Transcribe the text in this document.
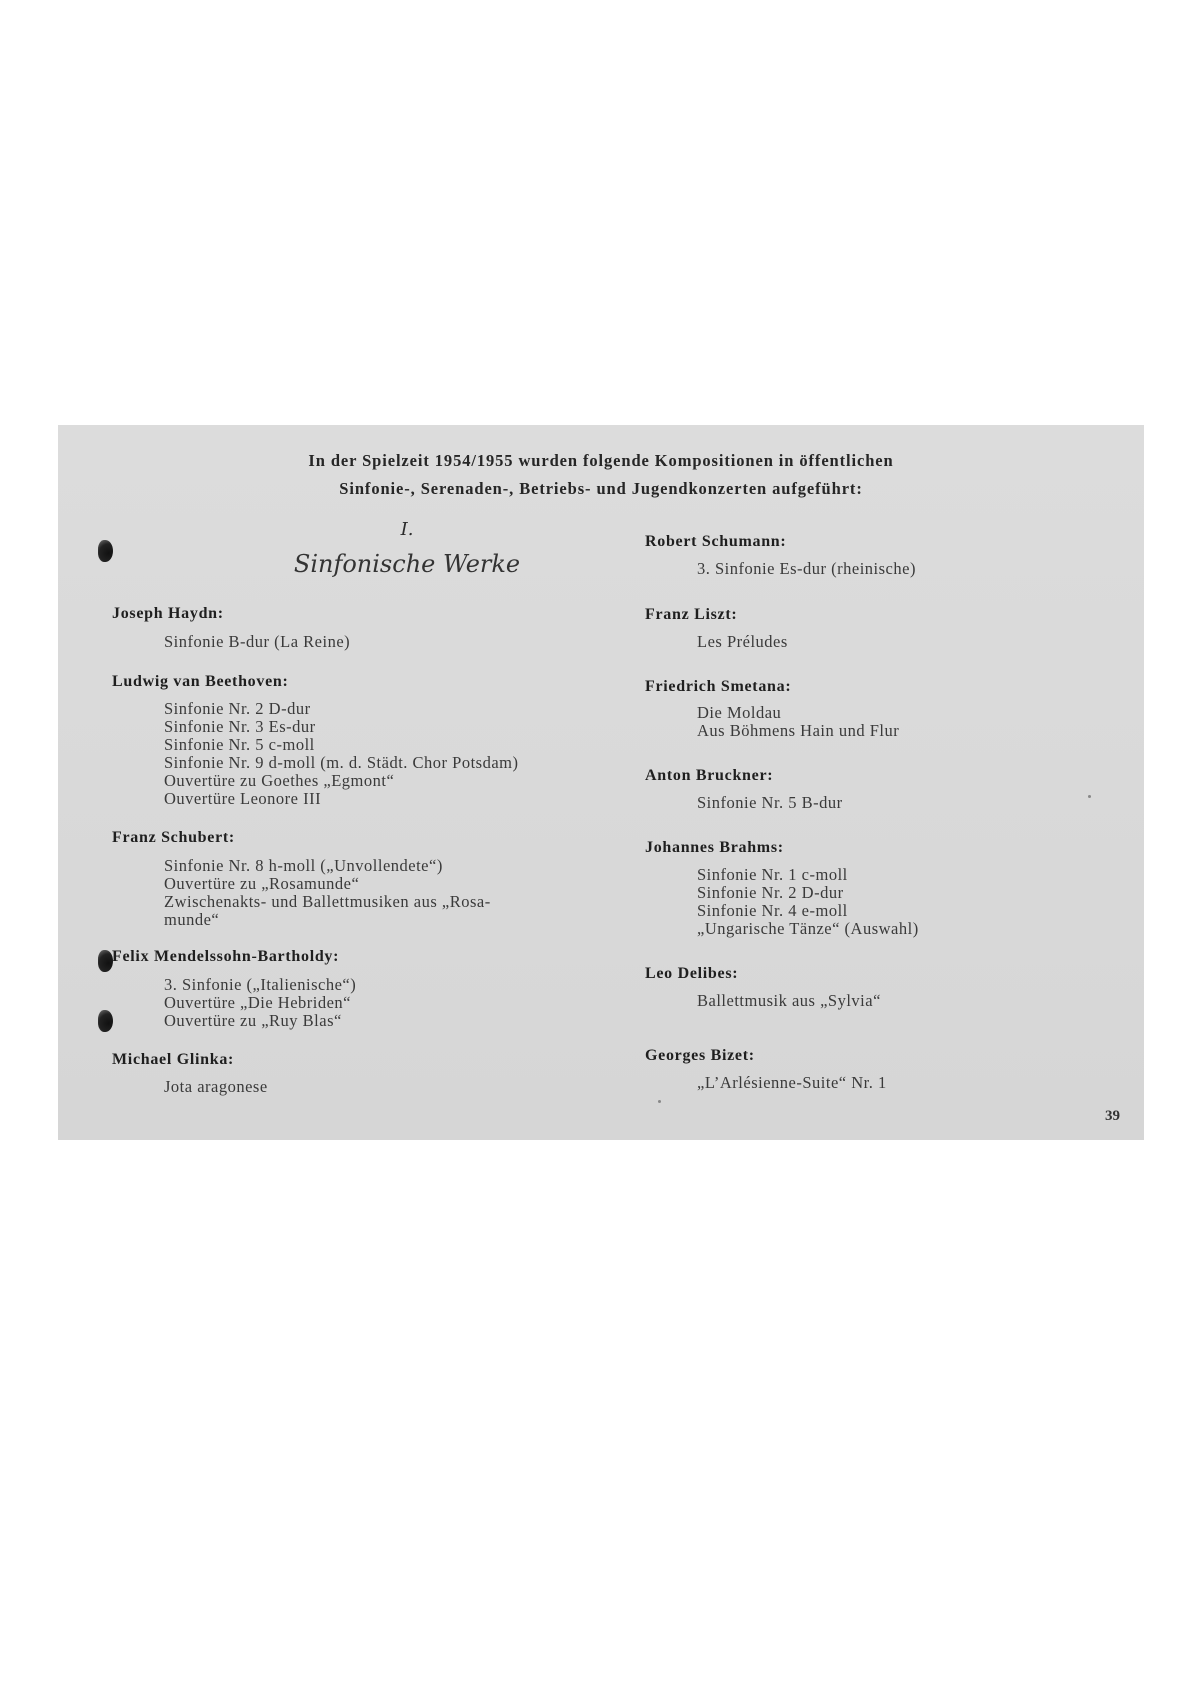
In der Spielzeit 1954/1955 wurden folgende Kompositionen in öffentlichen
Sinfonie-, Serenaden-, Betriebs- und Jugendkonzerten aufgeführt:
I.
Sinfonische Werke
Joseph Haydn:
Sinfonie B-dur (La Reine)
Ludwig van Beethoven:
Sinfonie Nr. 2 D-dur
Sinfonie Nr. 3 Es-dur
Sinfonie Nr. 5 c-moll
Sinfonie Nr. 9 d-moll (m. d. Städt. Chor Potsdam)
Ouvertüre zu Goethes „Egmont“
Ouvertüre Leonore III
Franz Schubert:
Sinfonie Nr. 8 h-moll („Unvollendete“)
Ouvertüre zu „Rosamunde“
Zwischenakts- und Ballettmusiken aus „Rosa-
munde“
Felix Mendelssohn-Bartholdy:
3. Sinfonie („Italienische“)
Ouvertüre „Die Hebriden“
Ouvertüre zu „Ruy Blas“
Michael Glinka:
Jota aragonese
Robert Schumann:
3. Sinfonie Es-dur (rheinische)
Franz Liszt:
Les Préludes
Friedrich Smetana:
Die Moldau
Aus Böhmens Hain und Flur
Anton Bruckner:
Sinfonie Nr. 5 B-dur
Johannes Brahms:
Sinfonie Nr. 1 c-moll
Sinfonie Nr. 2 D-dur
Sinfonie Nr. 4 e-moll
„Ungarische Tänze“ (Auswahl)
Leo Delibes:
Ballettmusik aus „Sylvia“
Georges Bizet:
„L’Arlésienne-Suite“ Nr. 1
39
